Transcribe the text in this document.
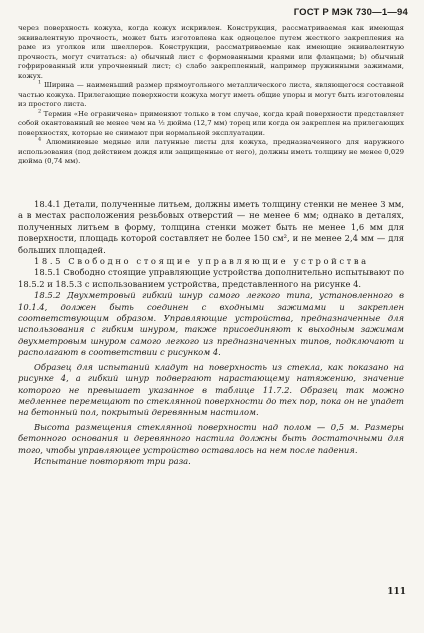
ГОСТ Р МЭК 730—1—94

через поверхность кожуха, когда кожух искривлен. Конструкция, рассматриваемая как имеющая эквивалентную прочность, может быть изготовлена как одноцелое путем жесткого закрепления на раме из уголков или швеллеров. Конструкции, рассматриваемые как имеющие эквивалентную прочность, могут считаться: a) обычный лист с формованными краями или фланцами; b) обычный гофрированный или упрочненный лист; c) слабо закрепленный, например пружинными зажимами, кожух.

$^1$ Ширина — наименьший размер прямоугольного металлического листа, являющегося составной частью кожуха. Прилегающие поверхности кожуха могут иметь общие упоры и могут быть изготовлены из простого листа.

$^2$ Термин «Не ограничена» применяют только в том случае, когда край поверхности представляет собой окантованный не менее чем на ½ дюйма (12,7 мм) торец или когда он закреплен на прилегающих поверхностях, которые не снимают при нормальной эксплуатации.

$^4$ Алюминиевые медные или латунные листы для кожуха, предназначенного для наружного использования (под действием дождя или защищенные от него), должны иметь толщину не менее 0,029 дюйма (0,74 мм).

18.4.1 Детали, полученные литьем, должны иметь толщину стенки не менее 3 мм, а в местах расположения резьбовых отверстий — не менее 6 мм; однако в деталях, полученных литьем в форму, толщина стенки может быть не менее 1,6 мм для поверхности, площадь которой составляет не более 150 см², и не менее 2,4 мм — для больших площадей.

18.5 Свободно стоящие управляющие устройства

18.5.1 Свободно стоящие управляющие устройства дополнительно испытывают по 18.5.2 и 18.5.3 с использованием устройства, представленного на рисунке 4.

18.5.2 Двухметровый гибкий шнур самого легкого типа, установленного в 10.1.4, должен быть соединен с входными зажимами и закреплен соответствующим образом. Управляющие устройства, предназначенные для использования с гибким шнуром, также присоединяют к выходным зажимам двухметровым шнуром самого легкого из предназначенных типов, подключают и располагают в соответствии с рисунком 4.

Образец для испытаний кладут на поверхность из стекла, как показано на рисунке 4, а гибкий шнур подвергают нарастающему натяжению, значение которого не превышает указанное в таблице 11.7.2. Образец так можно медленнее перемещают по стеклянной поверхности до тех пор, пока он не упадет на бетонный пол, покрытый деревянным настилом.

Высота размещения стеклянной поверхности над полом — 0,5 м. Размеры бетонного основания и деревянного настила должны быть достаточными для того, чтобы управляющее устройство оставалось на нем после падения.

Испытание повторяют три раза.

111
